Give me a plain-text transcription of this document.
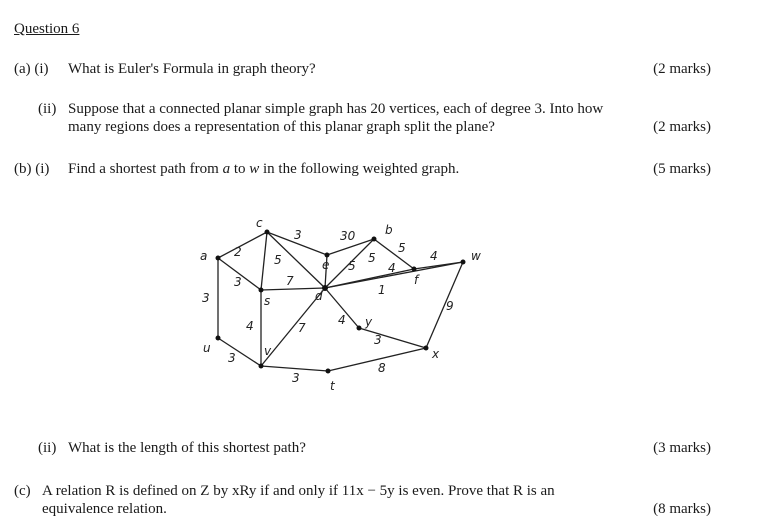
Question 6
(a) (i) What is Euler's Formula in graph theory?	(2 marks)
(ii) Suppose that a connected planar simple graph has 20 vertices, each of degree 3. Into how
many regions does a representation of this planar graph split the plane?	(2 marks)
(b) (i) Find a shortest path from a to w in the following weighted graph.	(5 marks)
a
c
e
b
w
f
d
s
u	v
y
x
t
2
3	30
5
4
3
5	5
5
4
7
4
1
9
3
3
4	7
3
3
8
(ii) What is the length of this shortest path?	(3 marks)
(c) A relation R is defined on Z by xRy if and only if 11x − 5y is even. Prove that R is an
equivalence relation.	(8 marks)
